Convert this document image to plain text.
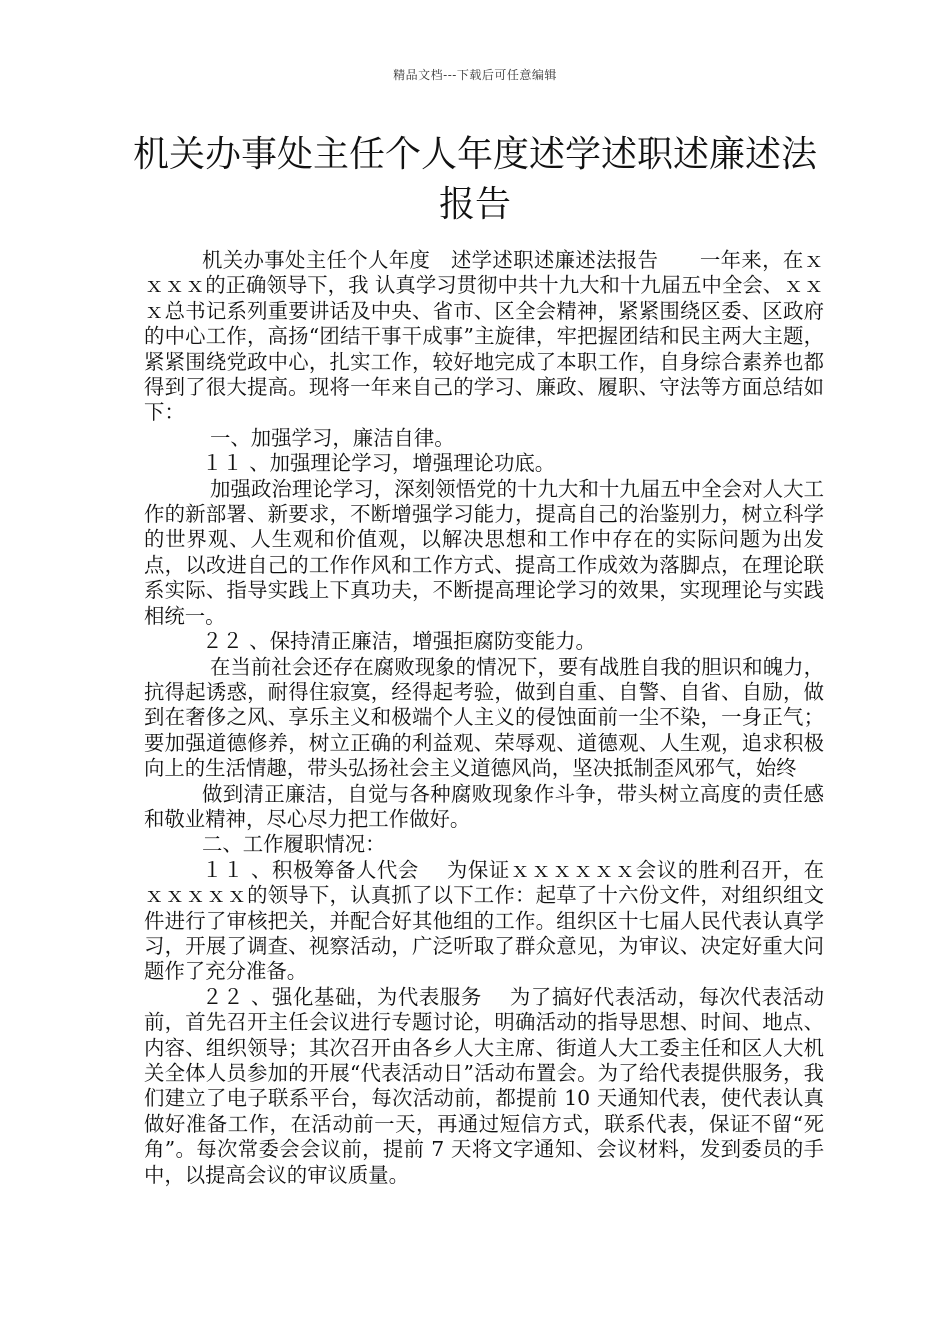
精品文档---下载后可任意编辑
机关办事处主任个人年度述学述职述廉述法报告

机关办事处主任个人年度　述学述职述廉述法报告　　一年来，在ｘｘｘｘ的正确领导下，我 认真学习贯彻中共十九大和十九届五中全会、ｘｘｘ总书记系列重要讲话及中央、省市、区全会精神，紧紧围绕区委、区政府的中心工作，高扬“团结干事干成事”主旋律，牢把握团结和民主两大主题， 紧紧围绕党政中心，扎实工作，较好地完成了本职工作，自身综合素养也都得到了很大提高。现将一年来自己的学习、廉政、履职、守法等方面总结如下：

一、加强学习，廉洁自律。

１１ 、加强理论学习，增强理论功底。

加强政治理论学习，深刻领悟党的十九大和十九届五中全会对人大工作的新部署、新要求，不断增强学习能力，提高自己的治鉴别力，树立科学的世界观、人生观和价值观，以解决思想和工作中存在的实际问题为出发点，以改进自己的工作作风和工作方式、提高工作成效为落脚点，在理论联系实际、指导实践上下真功夫，不断提高理论学习的效果，实现理论与实践相统一。

２２ 、保持清正廉洁，增强拒腐防变能力。

在当前社会还存在腐败现象的情况下，要有战胜自我的胆识和魄力，抗得起诱惑，耐得住寂寞，经得起考验，做到自重、自警、自省、自励，做到在奢侈之风、享乐主义和极端个人主义的侵蚀面前一尘不染，一身正气；要加强道德修养，树立正确的利益观、荣辱观、道德观、人生观，追求积极向上的生活情趣，带头弘扬社会主义道德风尚，坚决抵制歪风邪气，始终

做到清正廉洁，自觉与各种腐败现象作斗争，带头树立高度的责任感和敬业精神，尽心尽力把工作做好。

二、工作履职情况：

１１ 、积极筹备人代会　 为保证ｘｘｘｘｘｘ会议的胜利召开，在ｘｘｘｘｘ的领导下，认真抓了以下工作：起草了十六份文件，对组织组文件进行了审核把关，并配合好其他组的工作。组织区十七届人民代表认真学习，开展了调查、视察活动，广泛听取了群众意见，为审议、决定好重大问题作了充分准备。

２２ 、强化基础，为代表服务　 为了搞好代表活动，每次代表活动前，首先召开主任会议进行专题讨论，明确活动的指导思想、时间、地点、内容、组织领导；其次召开由各乡人大主席、街道人大工委主任和区人大机关全体人员参加的开展“代表活动日”活动布置会。为了给代表提供服务，我们建立了电子联系平台，每次活动前，都提前 10 天通知代表，使代表认真做好准备工作，在活动前一天，再通过短信方式，联系代表，保证不留“死角”。每次常委会会议前，提前 7 天将文字通知、会议材料，发到委员的手中，以提高会议的审议质量。
